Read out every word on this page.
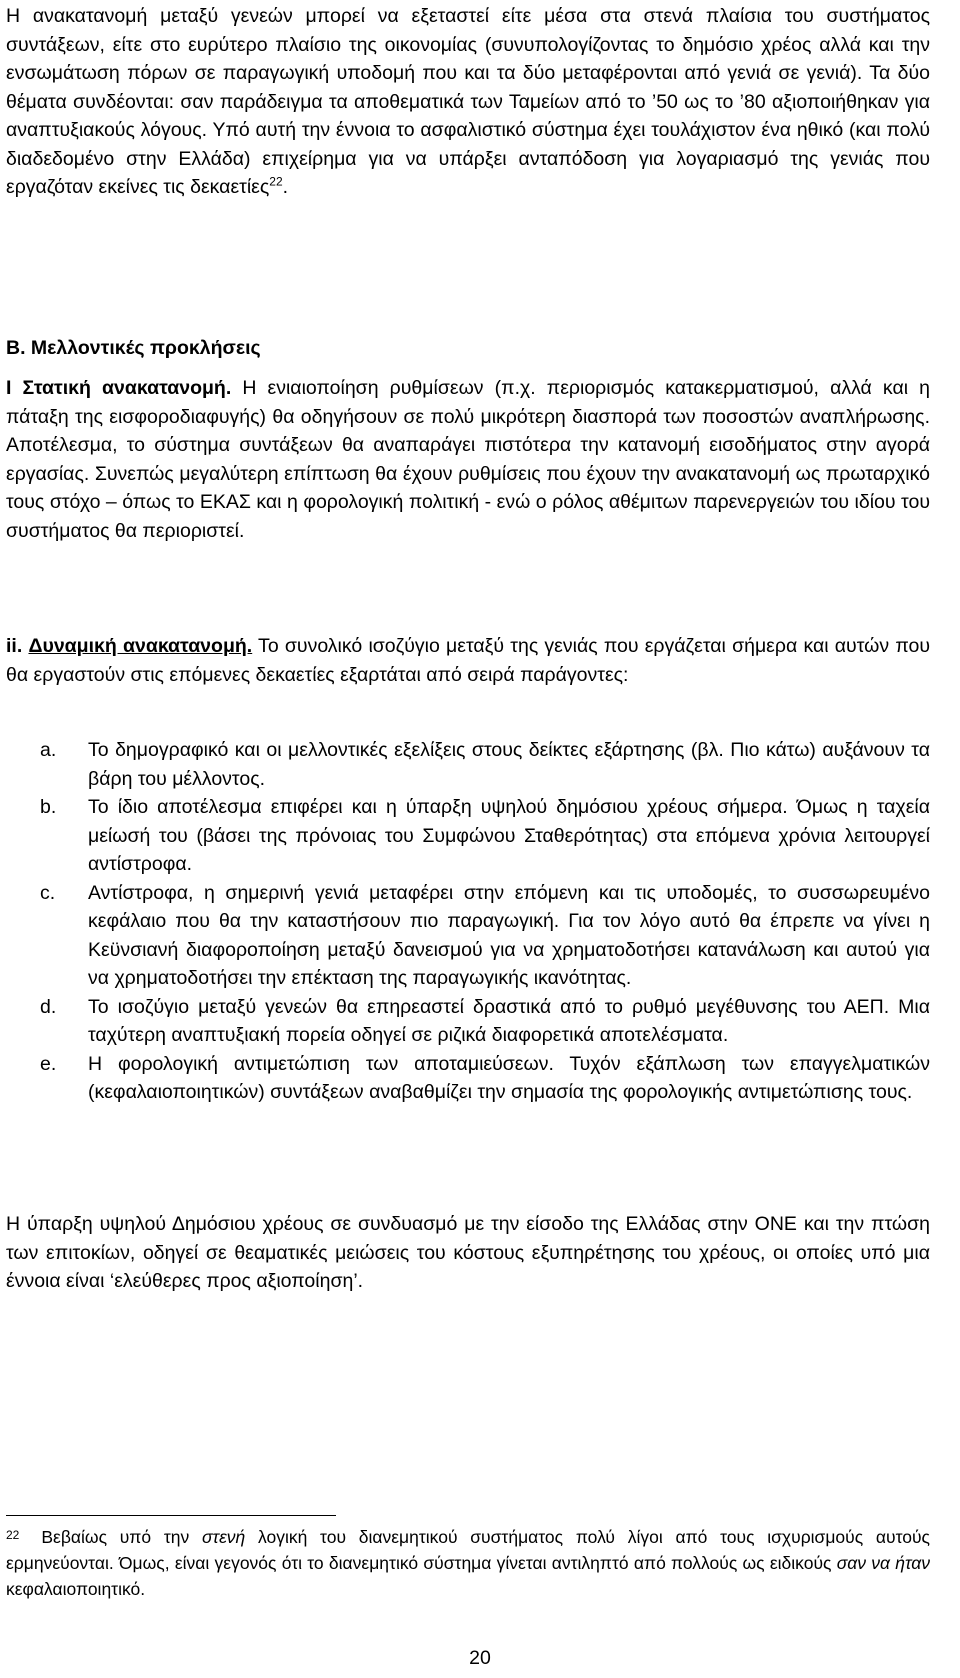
Η ανακατανομή μεταξύ γενεών μπορεί να εξεταστεί είτε μέσα στα στενά πλαίσια του συστήματος συντάξεων, είτε στο ευρύτερο πλαίσιο της οικονομίας (συνυπολογίζοντας το δημόσιο χρέος αλλά και την ενσωμάτωση πόρων σε παραγωγική υποδομή που και τα δύο μεταφέρονται από γενιά σε γενιά). Τα δύο θέματα συνδέονται: σαν παράδειγμα τα αποθεματικά των Ταμείων από το ’50 ως το ’80 αξιοποιήθηκαν για αναπτυξιακούς λόγους. Υπό αυτή την έννοια το ασφαλιστικό σύστημα έχει τουλάχιστον ένα ηθικό (και πολύ διαδεδομένο στην Ελλάδα) επιχείρημα για να υπάρξει ανταπόδοση για λογαριασμό της γενιάς που εργαζόταν εκείνες τις δεκαετίες$^{22}$.

Β. Μελλοντικές προκλήσεις

Ι Στατική ανακατανομή. Η ενιαιοποίηση ρυθμίσεων (π.χ. περιορισμός κατακερματισμού, αλλά και η πάταξη της εισφοροδιαφυγής) θα οδηγήσουν σε πολύ μικρότερη διασπορά των ποσοστών αναπλήρωσης. Αποτέλεσμα, το σύστημα συντάξεων θα αναπαράγει πιστότερα την κατανομή εισοδήματος στην αγορά εργασίας. Συνεπώς μεγαλύτερη επίπτωση θα έχουν ρυθμίσεις που έχουν την ανακατανομή ως πρωταρχικό τους στόχο – όπως το ΕΚΑΣ και η φορολογική πολιτική - ενώ ο ρόλος αθέμιτων παρενεργειών του ιδίου του συστήματος θα περιοριστεί.

ii. Δυναμική ανακατανομή. Το συνολικό ισοζύγιο μεταξύ της γενιάς που εργάζεται σήμερα και αυτών που θα εργαστούν στις επόμενες δεκαετίες εξαρτάται από σειρά παράγοντες:

a.	Το δημογραφικό και οι μελλοντικές εξελίξεις στους δείκτες εξάρτησης (βλ. Πιο κάτω) αυξάνουν τα βάρη του μέλλοντος.
b.	Το ίδιο αποτέλεσμα επιφέρει και η ύπαρξη υψηλού δημόσιου χρέους σήμερα. Όμως η ταχεία μείωσή του (βάσει της πρόνοιας του Συμφώνου Σταθερότητας) στα επόμενα χρόνια λειτουργεί αντίστροφα.
c.	Αντίστροφα, η σημερινή γενιά μεταφέρει στην επόμενη και τις υποδομές, το συσσωρευμένο κεφάλαιο που θα την καταστήσουν πιο παραγωγική. Για τον λόγο αυτό θα έπρεπε να γίνει η Κεϋνσιανή διαφοροποίηση μεταξύ δανεισμού για να χρηματοδοτήσει κατανάλωση και αυτού για να χρηματοδοτήσει την επέκταση της παραγωγικής ικανότητας.
d.	Το ισοζύγιο μεταξύ γενεών θα επηρεαστεί δραστικά από το ρυθμό μεγέθυνσης του ΑΕΠ. Μια ταχύτερη αναπτυξιακή πορεία οδηγεί σε ριζικά διαφορετικά αποτελέσματα.
e.	Η φορολογική αντιμετώπιση των αποταμιεύσεων. Τυχόν εξάπλωση των επαγγελματικών (κεφαλαιοποιητικών) συντάξεων αναβαθμίζει την σημασία της φορολογικής αντιμετώπισης τους.

Η ύπαρξη υψηλού Δημόσιου χρέους σε συνδυασμό με την είσοδο της Ελλάδας στην ΟΝΕ και την πτώση των επιτοκίων, οδηγεί σε θεαματικές μειώσεις του κόστους εξυπηρέτησης του χρέους, οι οποίες υπό μια έννοια είναι ‘ελεύθερες προς αξιοποίηση’.

$^{22}$ Βεβαίως υπό την στενή λογική του διανεμητικού συστήματος πολύ λίγοι από τους ισχυρισμούς αυτούς ερμηνεύονται. Όμως, είναι γεγονός ότι το διανεμητικό σύστημα γίνεται αντιληπτό από πολλούς ως ειδικούς σαν να ήταν κεφαλαιοποιητικό.

20
